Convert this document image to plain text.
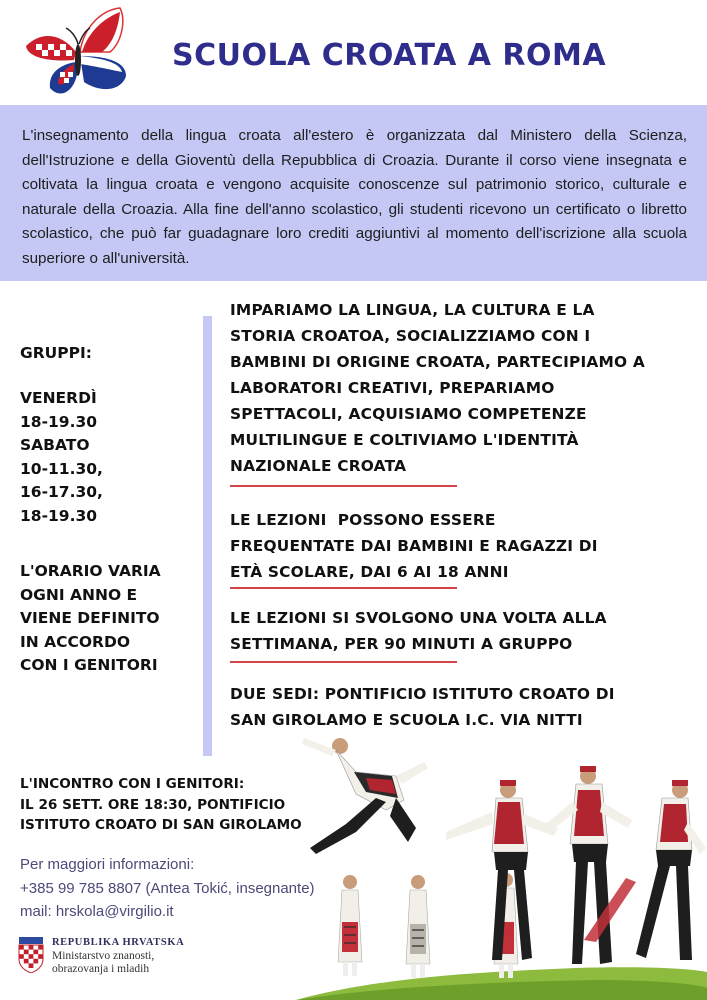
SCUOLA CROATA A ROMA

L'insegnamento della lingua croata all'estero è organizzata dal Ministero della Scienza, dell'Istruzione e della Gioventù della Repubblica di Croazia. Durante il corso viene insegnata e coltivata la lingua croata e vengono acquisite conoscenze sul patrimonio storico, culturale e naturale della Croazia. Alla fine dell'anno scolastico, gli studenti ricevono un certificato o libretto scolastico, che può far guadagnare loro crediti aggiuntivi al momento dell'iscrizione alla scuola superiore o all'università.

GRUPPI:

VENERDÌ
18-19.30
SABATO
10-11.30,
16-17.30,
18-19.30
L'ORARIO VARIA
OGNI ANNO E
VIENE DEFINITO
IN ACCORDO
CON I GENITORI
IMPARIAMO LA LINGUA, LA CULTURA E LA
STORIA CROATOA, SOCIALIZZIAMO CON I
BAMBINI DI ORIGINE CROATA, PARTECIPIAMO A
LABORATORI CREATIVI, PREPARIAMO
SPETTACOLI, ACQUISIAMO COMPETENZE
MULTILINGUE E COLTIVIAMO L'IDENTITÀ
NAZIONALE CROATA
LE LEZIONI  POSSONO ESSERE
FREQUENTATE DAI BAMBINI E RAGAZZI DI
ETÀ SCOLARE, DAI 6 AI 18 ANNI
LE LEZIONI SI SVOLGONO UNA VOLTA ALLA
SETTIMANA, PER 90 MINUTI A GRUPPO
DUE SEDI: PONTIFICIO ISTITUTO CROATO DI
SAN GIROLAMO E SCUOLA I.C. VIA NITTI
L'INCONTRO CON I GENITORI:
IL 26 SETT. ORE 18:30, PONTIFICIO
ISTITUTO CROATO DI SAN GIROLAMO
Per maggiori informazioni:
+385 99 785 8807 (Antea Tokić, insegnante)
mail: hrskola@virgilio.it
REPUBLIKA HRVATSKA
Ministarstvo znanosti,
obrazovanja i mladih
